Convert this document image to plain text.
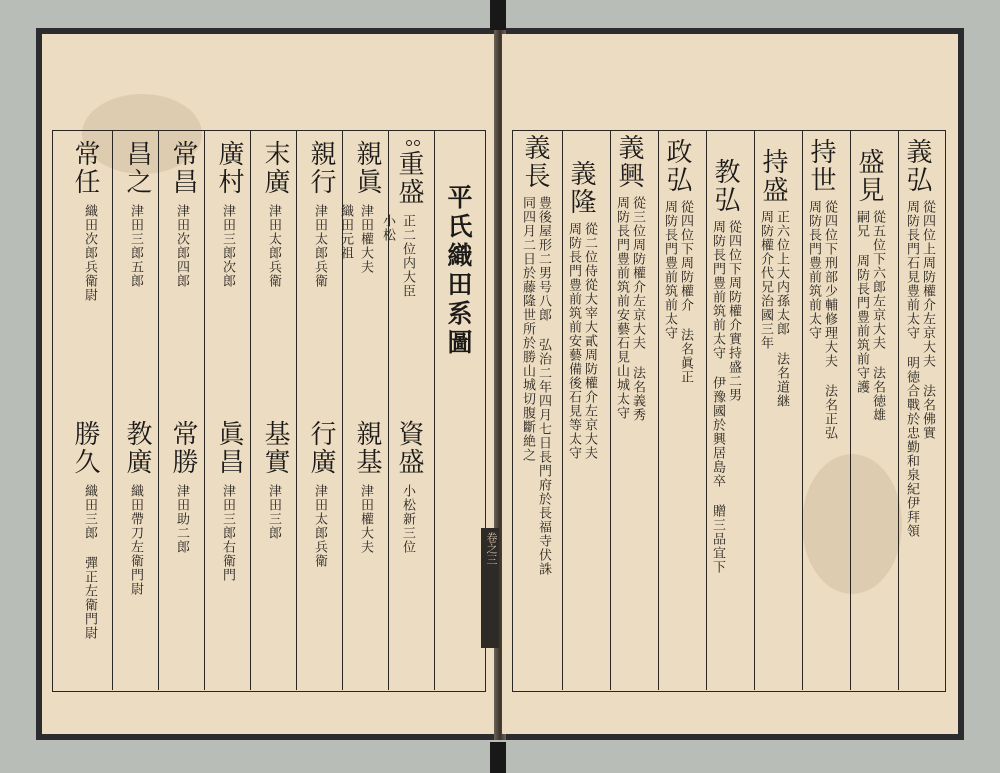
平氏織田系圖
重盛
正二位内大臣
小松
親眞
津田權大夫
織田元祖
親行
津田太郎兵衛
末廣
津田太郎兵衛
廣村
津田三郎次郎
常昌
津田次郎四郎
昌之
津田三郎五郎
常任
織田次郎兵衛尉
資盛
小松新三位
親基
津田權大夫
行廣
津田太郎兵衛
基實
津田三郎
眞昌
津田三郎右衛門
常勝
津田助二郎
教廣
織田帶刀左衛門尉
勝久
織田三郎 彈正左衛門尉
義弘
從四位上周防權介左京大夫 法名佛實
周防長門石見豊前太守 明徳合戰於忠勤和泉紀伊拜領
盛見
從五位下六郎左京大夫 法名徳雄
嗣兄 周防長門豊前筑前守護
持世
從四位下刑部少輔修理大夫 法名正弘
周防長門豊前筑前太守
持盛
正六位上大内孫太郎 法名道継
周防權介代兄治國三年
教弘
從四位下周防權介實持盛二男
周防長門豊前筑前太守 伊豫國於興居島卒 贈三品宜下
政弘
從四位下周防權介 法名眞正
周防長門豊前筑前太守
義興
從三位周防權介左京大夫 法名義秀
周防長門豊前筑前安藝石見山城太守
義隆
從二位侍從大宰大貳周防權介左京大夫
周防長門豊前筑前安藝備後石見等太守
義長
豊後屋形二男号八郎 弘治二年四月七日長門府於長福寺伏誅
同四月二日於藤隆世所於勝山城切腹斷絶之
卷之三
